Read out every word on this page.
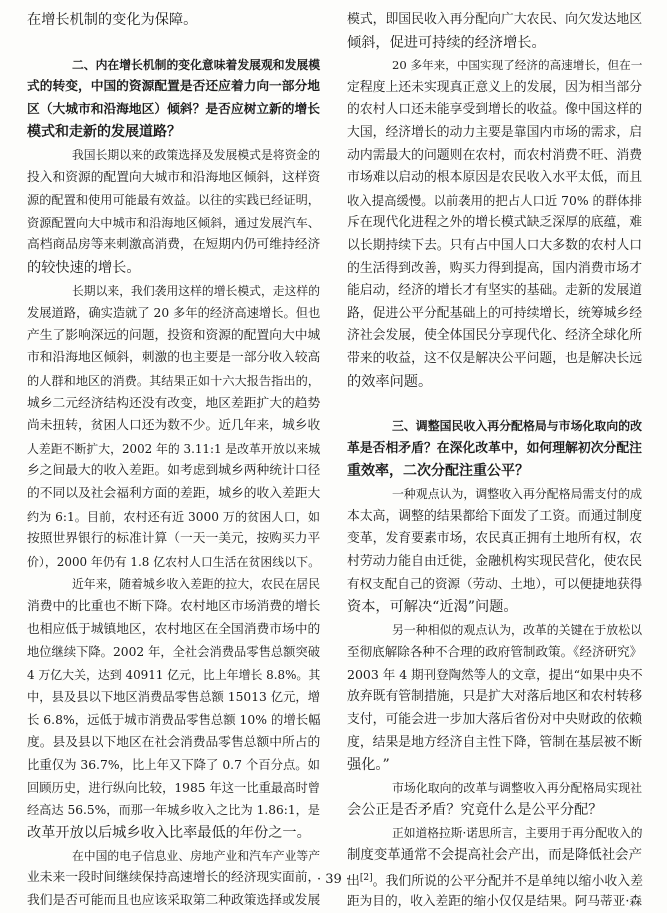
在增长机制的变化为保障。
二、内在增长机制的变化意味着发展观和发展模
式的转变，中国的资源配置是否还应着力向一部分地
区（大城市和沿海地区）倾斜？是否应树立新的增长
模式和走新的发展道路？
我国长期以来的政策选择及发展模式是将资金的
投入和资源的配置向大城市和沿海地区倾斜，这样资
源的配置和使用可能最有效益。以往的实践已经证明，
资源配置向大中城市和沿海地区倾斜，通过发展汽车、
高档商品房等来刺激高消费，在短期内仍可维持经济
的较快速的增长。
长期以来，我们袭用这样的增长模式，走这样的
发展道路，确实造就了 20 多年的经济高速增长。但也
产生了影响深远的问题，投资和资源的配置向大中城
市和沿海地区倾斜，刺激的也主要是一部分收入较高
的人群和地区的消费。其结果正如十六大报告指出的，
城乡二元经济结构还没有改变，地区差距扩大的趋势
尚未扭转，贫困人口还为数不少。近几年来，城乡收
人差距不断扩大，2002 年的 3.11:1 是改革开放以来城
乡之间最大的收入差距。如考虑到城乡两种统计口径
的不同以及社会福利方面的差距，城乡的收入差距大
约为 6:1。目前，农村还有近 3000 万的贫困人口，如
按照世界银行的标准计算（一天一美元，按购买力平
价），2000 年仍有 1.8 亿农村人口生活在贫困线以下。
近年来，随着城乡收入差距的拉大，农民在居民
消费中的比重也不断下降。农村地区市场消费的增长
也相应低于城镇地区，农村地区在全国消费市场中的
地位继续下降。2002 年，全社会消费品零售总额突破
4 万亿大关，达到 40911 亿元，比上年增长 8.8%。其
中，县及县以下地区消费品零售总额 15013 亿元，增
长 6.8%，远低于城市消费品零售总额 10% 的增长幅
度。县及县以下地区在社会消费品零售总额中所占的
比重仅为 36.7%，比上年又下降了 0.7 个百分点。如
回顾历史，进行纵向比较，1985 年这一比重最高时曾
经高达 56.5%，而那一年城乡收入之比为 1.86:1，是
改革开放以后城乡收入比率最低的年份之一。
在中国的电子信息业、房地产业和汽车产业等产
业未来一段时间继续保持高速增长的经济现实面前，
我们是否可能而且也应该采取第二种政策选择或发展
模式，即国民收入再分配向广大农民、向欠发达地区
倾斜，促进可持续的经济增长。
20 多年来，中国实现了经济的高速增长，但在一
定程度上还未实现真正意义上的发展，因为相当部分
的农村人口还未能享受到增长的收益。像中国这样的
大国，经济增长的动力主要是靠国内市场的需求，启
动内需最大的问题则在农村，而农村消费不旺、消费
市场难以启动的根本原因是农民收入水平太低，而且
收入提高缓慢。以前袭用的把占人口近 70% 的群体排
斥在现代化进程之外的增长模式缺乏深厚的底蕴，难
以长期持续下去。只有占中国人口大多数的农村人口
的生活得到改善，购买力得到提高，国内消费市场才
能启动，经济的增长才有坚实的基础。走新的发展道
路，促进公平分配基础上的可持续增长，统筹城乡经
济社会发展，使全体国民分享现代化、经济全球化所
带来的收益，这不仅是解决公平问题，也是解决长远
的效率问题。
三、调整国民收入再分配格局与市场化取向的改
革是否相矛盾？在深化改革中，如何理解初次分配注
重效率，二次分配注重公平？
一种观点认为，调整收入再分配格局需支付的成
本太高，调整的结果都给下面发了工资。而通过制度
变革，发育要素市场，农民真正拥有土地所有权，农
村劳动力能自由迁徙，金融机构实现民营化，使农民
有权支配自己的资源（劳动、土地），可以便捷地获得
资本，可解决“近渴”问题。
另一种相似的观点认为，改革的关键在于放松以
至彻底解除各种不合理的政府管制政策。《经济研究》
2003 年 4 期刊登陶然等人的文章，提出“如果中央不
放弃既有管制措施，只是扩大对落后地区和农村转移
支付，可能会进一步加大落后省份对中央财政的依赖
度，结果是地方经济自主性下降，管制在基层被不断
强化。”
市场化取向的改革与调整收入再分配格局实现社
会公正是否矛盾？究竟什么是公平分配？
正如道格拉斯·诺思所言，主要用于再分配收入的
制度变革通常不会提高社会产出，而是降低社会产
出[2]。我们所说的公平分配并不是单纯以缩小收入差
距为目的，收入差距的缩小仅仅是结果。阿马蒂亚·森
· 39 ·
